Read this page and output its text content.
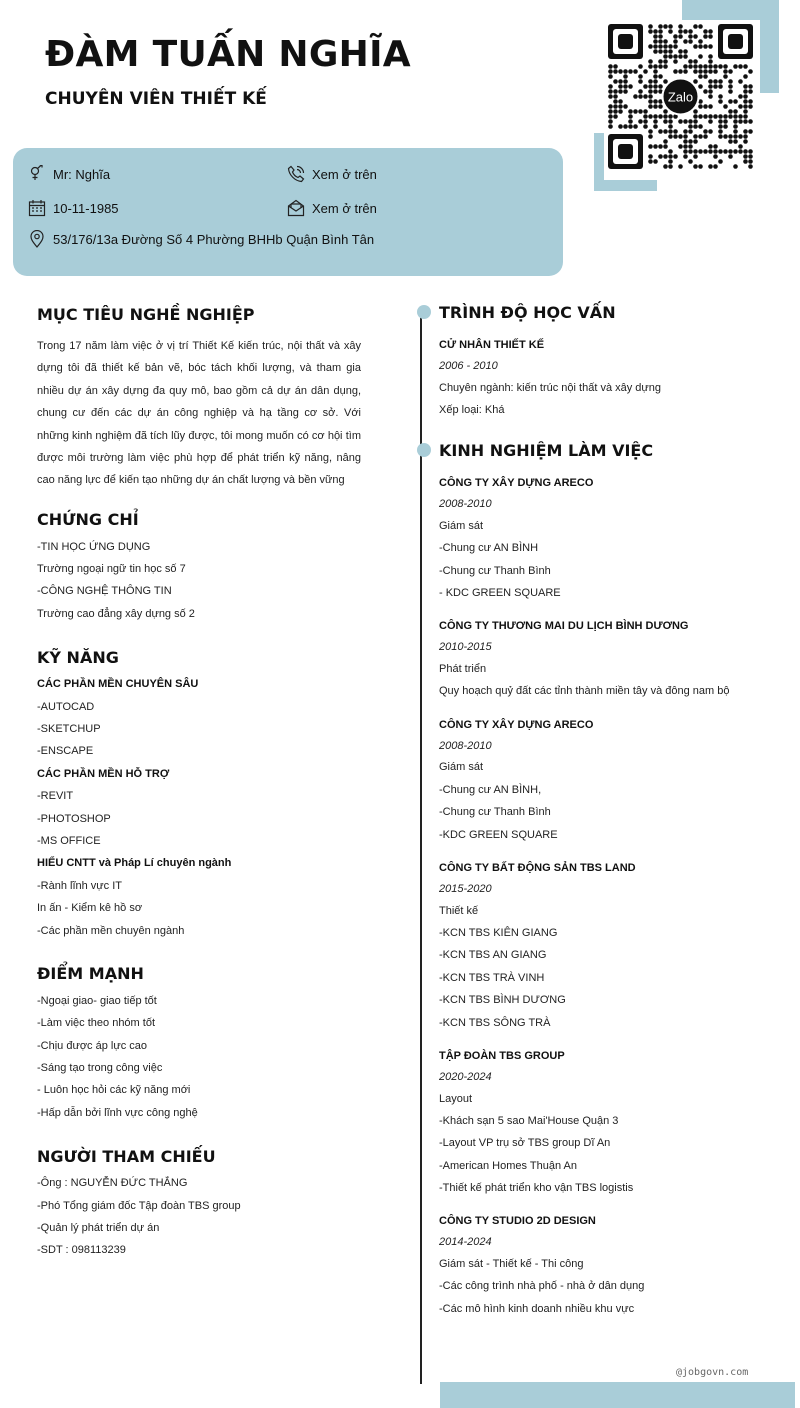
ĐÀM TUẤN NGHĨA
CHUYÊN VIÊN THIẾT KẾ	Zalo
Mr: Nghĩa
10-11-1985
53/176/13a Đường Số 4 Phường BHHb Quận Bình Tân
Xem ở trên
Xem ở trên
MỤC TIÊU NGHỀ NGHIỆP
Trong 17 năm làm việc ở vị trí Thiết Kế kiến trúc, nội thất và xây dựng tôi đã thiết kế bản vẽ, bóc tách khối lượng, và tham gia nhiều dự án xây dựng đa quy mô, bao gồm cả dự án dân dụng, chung cư đến các dự án công nghiệp và hạ tầng cơ sở. Với những kinh nghiệm đã tích lũy được, tôi mong muốn có cơ hội tìm được môi trường làm việc phù hợp để phát triển kỹ năng, nâng cao năng lực để kiến tạo những dự án chất lượng và bền vững
CHỨNG CHỈ
-TIN HỌC ỨNG DỤNG
Trường ngoại ngữ tin học số 7
-CÔNG NGHỆ THÔNG TIN
Trường cao đẳng xây dựng số 2
KỸ NĂNG
CÁC PHẦN MỀN CHUYÊN SÂU
-AUTOCAD
-SKETCHUP
-ENSCAPE
CÁC PHẦN MỀN HỖ TRỢ
-REVIT
-PHOTOSHOP
-MS OFFICE
HIỂU CNTT và Pháp Lí chuyên ngành
-Rành lĩnh vực IT
In ấn - Kiểm kê hồ sơ
-Các phần mền chuyên ngành
ĐIỂM MẠNH
-Ngoại giao- giao tiếp tốt
-Làm việc theo nhóm tốt
-Chịu được áp lực cao
-Sáng tạo trong công việc
- Luôn học hỏi các kỹ năng mới
-Hấp dẫn bởi lĩnh vực công nghệ
NGƯỜI THAM CHIẾU
-Ông : NGUYỄN ĐỨC THẮNG
-Phó Tổng giám đốc Tập đoàn TBS group
-Quản lý phát triển dự án
-SDT : 098113239
TRÌNH ĐỘ HỌC VẤN
CỬ NHÂN THIẾT KẾ
2006 - 2010
Chuyên ngành: kiến trúc nội thất và xây dựng
Xếp loại: Khá
KINH NGHIỆM LÀM VIỆC
CÔNG TY XÂY DỰNG ARECO
2008-2010
Giám sát
-Chung cư AN BÌNH
-Chung cư Thanh Bình
- KDC GREEN SQUARE
CÔNG TY THƯƠNG MAI DU LỊCH BÌNH DƯƠNG
2010-2015
Phát triển
Quy hoạch quỷ đất các tỉnh thành miền tây và đông nam bộ
CÔNG TY XÂY DỰNG ARECO
2008-2010
Giám sát
-Chung cư AN BÌNH,
-Chung cư Thanh Bình
-KDC GREEN SQUARE
CÔNG TY BẤT ĐỘNG SẢN TBS LAND
2015-2020
Thiết kế
-KCN TBS KIÊN GIANG
-KCN TBS AN GIANG
-KCN TBS TRÀ VINH
-KCN TBS BÌNH DƯƠNG
-KCN TBS SÔNG TRÀ
TẬP ĐOÀN TBS GROUP
2020-2024
Layout
-Khách sạn 5 sao Mai'House Quận 3
-Layout VP trụ sở TBS group Dĩ An
-American Homes Thuận An
-Thiết kế phát triển kho vận TBS logistis
CÔNG TY STUDIO 2D DESIGN
2014-2024
Giám sát - Thiết kế - Thi công
-Các công trình nhà phố - nhà ở dân dụng
-Các mô hình kinh doanh nhiều khu vực
@jobgovn.com
